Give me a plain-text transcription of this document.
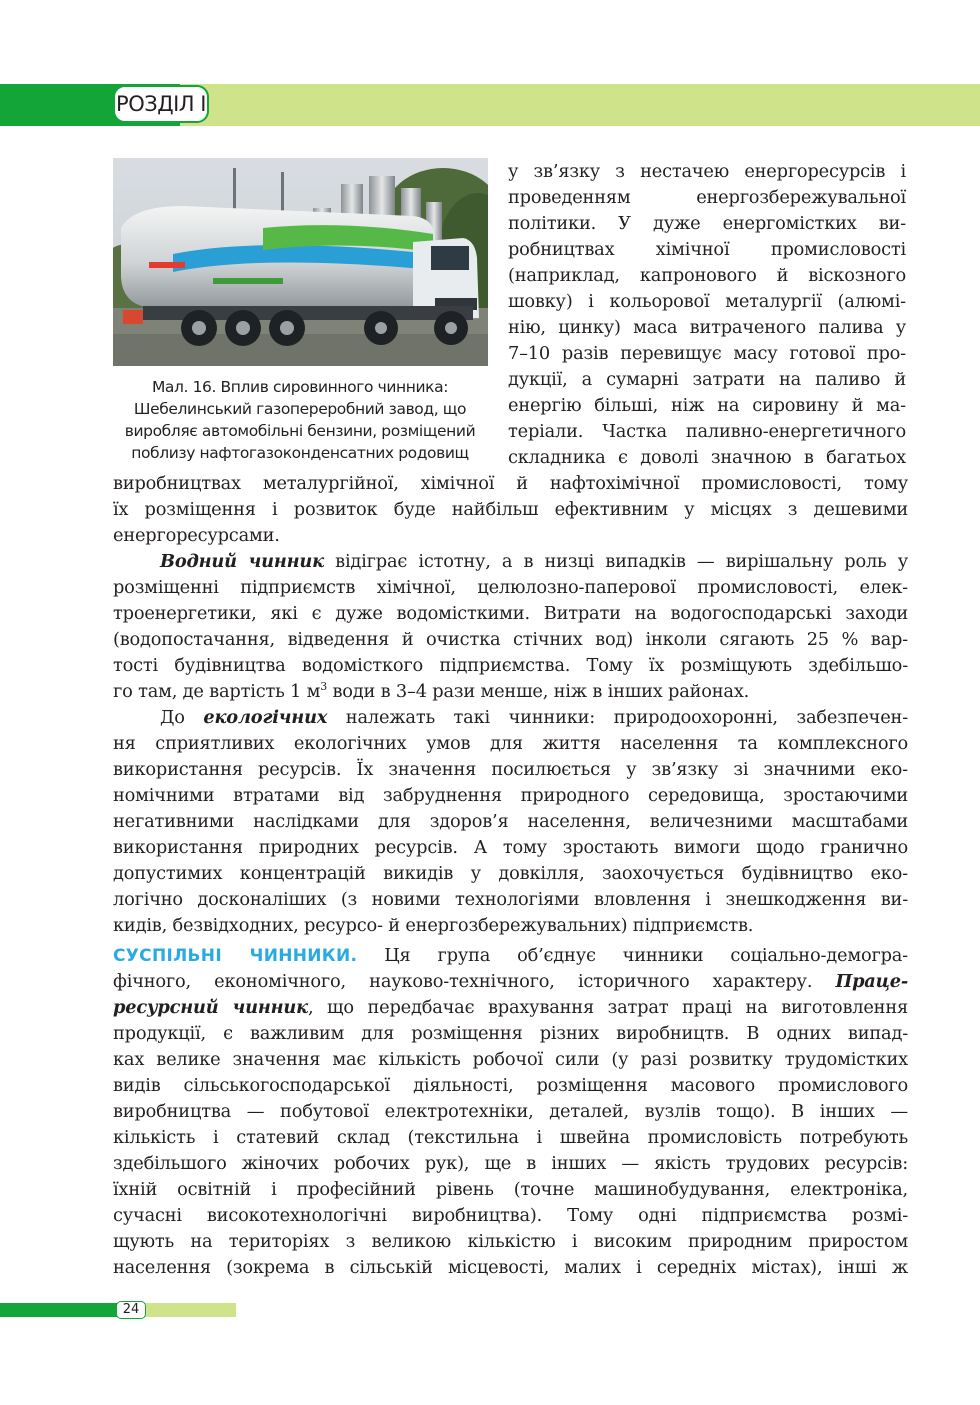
РОЗДІЛ I
Мал. 16. Вплив сировинного чинника:
Шебелинський газопереробний завод, що
виробляє автомобільні бензини, розміщений
поблизу нафтогазоконденсатних родовищ
у зв’язку з нестачею енергоресурсів і
проведенням енергозбережувальної
політики. У дуже енергомістких ви-
робництвах хімічної промисловості
(наприклад, капронового й віскозного
шовку) і кольорової металургії (алюмі-
нію, цинку) маса витраченого палива у
7–10 разів перевищує масу готової про-
дукції, а сумарні затрати на паливо й
енергію більші, ніж на сировину й ма-
теріали. Частка паливно-енергетичного
складника є доволі значною в багатьох
виробництвах металургійної, хімічної й нафтохімічної промисловості, тому
їх розміщення і розвиток буде найбільш ефективним у місцях з дешевими
енергоресурсами.
Водний чинник відіграє істотну, а в низці випадків — вирішальну роль у
розміщенні підприємств хімічної, целюлозно-паперової промисловості, елек-
троенергетики, які є дуже водомісткими. Витрати на водогосподарські заходи
(водопостачання, відведення й очистка стічних вод) інколи сягають 25 % вар-
тості будівництва водомісткого підприємства. Тому їх розміщують здебільшо-
го там, де вартість 1 $м^3$ води в 3–4 рази менше, ніж в інших районах.
До екологічних належать такі чинники: природоохоронні, забезпечен-
ня сприятливих екологічних умов для життя населення та комплексного
використання ресурсів. Їх значення посилюється у зв’язку зі значними еко-
номічними втратами від забруднення природного середовища, зростаючими
негативними наслідками для здоров’я населення, величезними масштабами
використання природних ресурсів. А тому зростають вимоги щодо гранично
допустимих концентрацій викидів у довкілля, заохочується будівництво еко-
логічно досконаліших (з новими технологіями вловлення і знешкодження ви-
кидів, безвідходних, ресурсо- й енергозбережувальних) підприємств.
СУСПІЛЬНІ ЧИННИКИ. Ця група об’єднує чинники соціально-демогра-
фічного, економічного, науково-технічного, історичного характеру. Праце-
ресурсний чинник, що передбачає врахування затрат праці на виготовлення
продукції, є важливим для розміщення різних виробництв. В одних випад-
ках велике значення має кількість робочої сили (у разі розвитку трудомістких
видів сільськогосподарської діяльності, розміщення масового промислового
виробництва — побутової електротехніки, деталей, вузлів тощо). В інших —
кількість і статевий склад (текстильна і швейна промисловість потребують
здебільшого жіночих робочих рук), ще в інших — якість трудових ресурсів:
їхній освітній і професійний рівень (точне машинобудування, електроніка,
сучасні високотехнологічні виробництва). Тому одні підприємства розмі-
щують на територіях з великою кількістю і високим природним приростом
населення (зокрема в сільській місцевості, малих і середніх містах), інші ж
24
